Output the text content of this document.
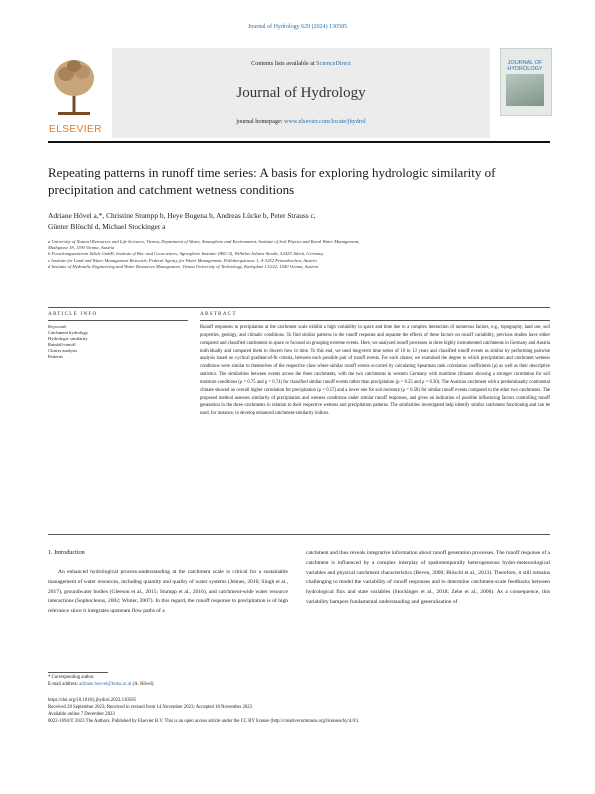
Journal of Hydrology 629 (2024) 130585
ELSEVIER
Contents lists available at ScienceDirect
Journal of Hydrology
journal homepage: www.elsevier.com/locate/jhydrol
JOURNAL OF HYDROLOGY
Repeating patterns in runoff time series: A basis for exploring hydrologic similarity of precipitation and catchment wetness conditions
Adriane Hövel a,*, Christine Stumpp b, Heye Bogena b, Andreas Lücke b, Peter Strauss c,
Günter Blöschl d, Michael Stockinger a
a University of Natural Resources and Life Sciences, Vienna, Department of Water, Atmosphere and Environment, Institute of Soil Physics and Rural Water Management,
Muthgasse 18, 1190 Vienna, Austria
b Forschungszentrum Jülich GmbH, Institute of Bio- and Geosciences, Agrosphere Institute (IBG-3), Wilhelm-Johnen-Straße, 52425 Jülich, Germany
c Institute for Land and Water Management Research, Federal Agency for Water Management, Pollnbergstrasse 1, A-3252 Petzenkirchen, Austria
d Institute of Hydraulic Engineering and Water Resources Management, Vienna University of Technology, Karlsplatz 13/222, 1040 Vienna, Austria
ARTICLE INFO	ABSTRACT
Keywords
Catchment hydrology
Hydrologic similarity
Rainfall-runoff
Cluster analysis
Patterns
Runoff responses to precipitation at the catchment scale exhibit a high variability in space and time due to a complex interaction of numerous factors, e.g., topography, land use, soil properties, geology, and climatic conditions. To find similar patterns in the runoff response and separate the effects of these factors on runoff variability, previous studies have either compared and classified catchments in space or focused on grouping extreme events. Here, we analyzed runoff processes in three highly instrumented catchments in Germany and Austria individually and compared them to discern how in time. To this end, we used long-term time series of 10 to 13 years and classified runoff events as similar by performing pairwise analysis based on cyclical gradient-of-fit criteria, between each possible pair of runoff events. For each cluster, we examined the degree to which precipitation and catchment wetness conditions were similar to themselves of the respective class where similar runoff events occurred by calculating Spearman rank correlation coefficients (ρ) as well as their descriptive statistics. The similarities between events across the three catchments, with the two catchments in western Germany with maritime climates showing a stronger correlation for soil moisture conditions (ρ = 0.75 and ρ = 0.74) for classified similar runoff events rather than precipitation (ρ = 0.25 and ρ = 0.30). The Austrian catchment with a predominantly continental climate showed an overall higher correlation for precipitation (ρ = 0.57) and a lower one for soil moisture (ρ = 0.58) for similar runoff events compared to the other two catchments. The proposed method assesses similarity of precipitation and wetness conditions under similar runoff responses, and gives an indication of possible influencing factors controlling runoff generation in the three catchments in relation to their respective wetness and precipitation patterns. The similarities investigated help identify similar catchment functioning and can be used, for instance, to develop enhanced catchment-similarity indices.
1. Introduction
An enhanced hydrological process-understanding at the catchment scale is critical for a sustainable management of water resources, including quantity and quality of water systems (Jehnes, 2016; Singh et al., 2017), groundwater bodies (Gleeson et al., 2015; Stumpp et al., 2016), and catchment-wide water resource interactions (Sophocleous, 2002; Winter, 2007). In this regard, the runoff response to precipitation is of high relevance since it integrates upstream flow paths of a
catchment and thus reveals integrative information about runoff generation processes. The runoff response of a catchment is influenced by a complex interplay of spatiotemporally heterogeneous hydro-meteorological variables and physical catchment characteristics (Beven, 2000; Blöschl et al., 2013). Therefore, it still remains challenging to model the variability of runoff responses and to determine catchment-scale feedbacks between hydrological flux and state variables (Stockinger et al., 2018; Zehe et al., 2006). As a consequence, this variability hampers fundamental understanding and generalisation of
* Corresponding author.
E-mail address: adriane.hoevel@boku.ac.at (A. Hövel).
https://doi.org/10.1016/j.jhydrol.2023.130585
Received 28 September 2023; Received in revised form 14 November 2023; Accepted 18 November 2023
Available online 7 December 2023
0022-1694/© 2023 The Authors. Published by Elsevier B.V. This is an open access article under the CC BY license (http://creativecommons.org/licenses/by/4.0/).
